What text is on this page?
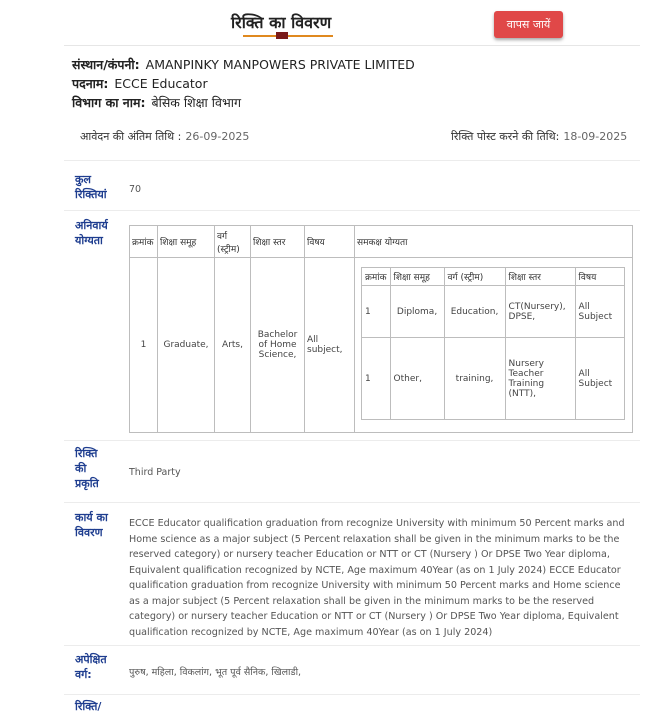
रिक्ति का विवरण	वापस जायें
संस्थान/कंपनी: AMANPINKY MANPOWERS PRIVATE LIMITED
पदनाम: ECCE Educator
विभाग का नाम: बेसिक शिक्षा विभाग
आवेदन की अंतिम तिथि : 26-09-2025	रिक्ति पोस्ट करने की तिथि: 18-09-2025
कुल
रिक्तियां 70
अनिवार्य
योग्यता	क्रमांक	शिक्षा समूह	वर्ग (स्ट्रीम)	शिक्षा स्तर	विषय	समकक्ष योग्यता
1	Graduate,	Arts,	Bachelor of Home Science,	All subject,	
क्रमांक	शिक्षा समूह	वर्ग (स्ट्रीम)	शिक्षा स्तर	विषय
1	Diploma,	Education,	CT(Nursery), DPSE,	All Subject
1	Other,	training,	Nursery Teacher Training (NTT),	All Subject
रिक्ति
की
प्रकृति
Third Party
कार्य का
विवरण
ECCE Educator qualification graduation from recognize University with minimum 50 Percent marks and Home science as a major subject (5 Percent relaxation shall be given in the minimum marks to be the reserved category) or nursery teacher Education or NTT or CT (Nursery ) Or DPSE Two Year diploma, Equivalent qualification recognized by NCTE, Age maximum 40Year (as on 1 July 2024) ECCE Educator qualification graduation from recognize University with minimum 50 Percent marks and Home science as a major subject (5 Percent relaxation shall be given in the minimum marks to be the reserved category) or nursery teacher Education or NTT or CT (Nursery ) Or DPSE Two Year diploma, Equivalent qualification recognized by NCTE, Age maximum 40Year (as on 1 July 2024)
अपेक्षित
वर्ग:	पुरुष, महिला, विकलांग, भूत पूर्व सैनिक, खिलाडी,
रिक्ति/
